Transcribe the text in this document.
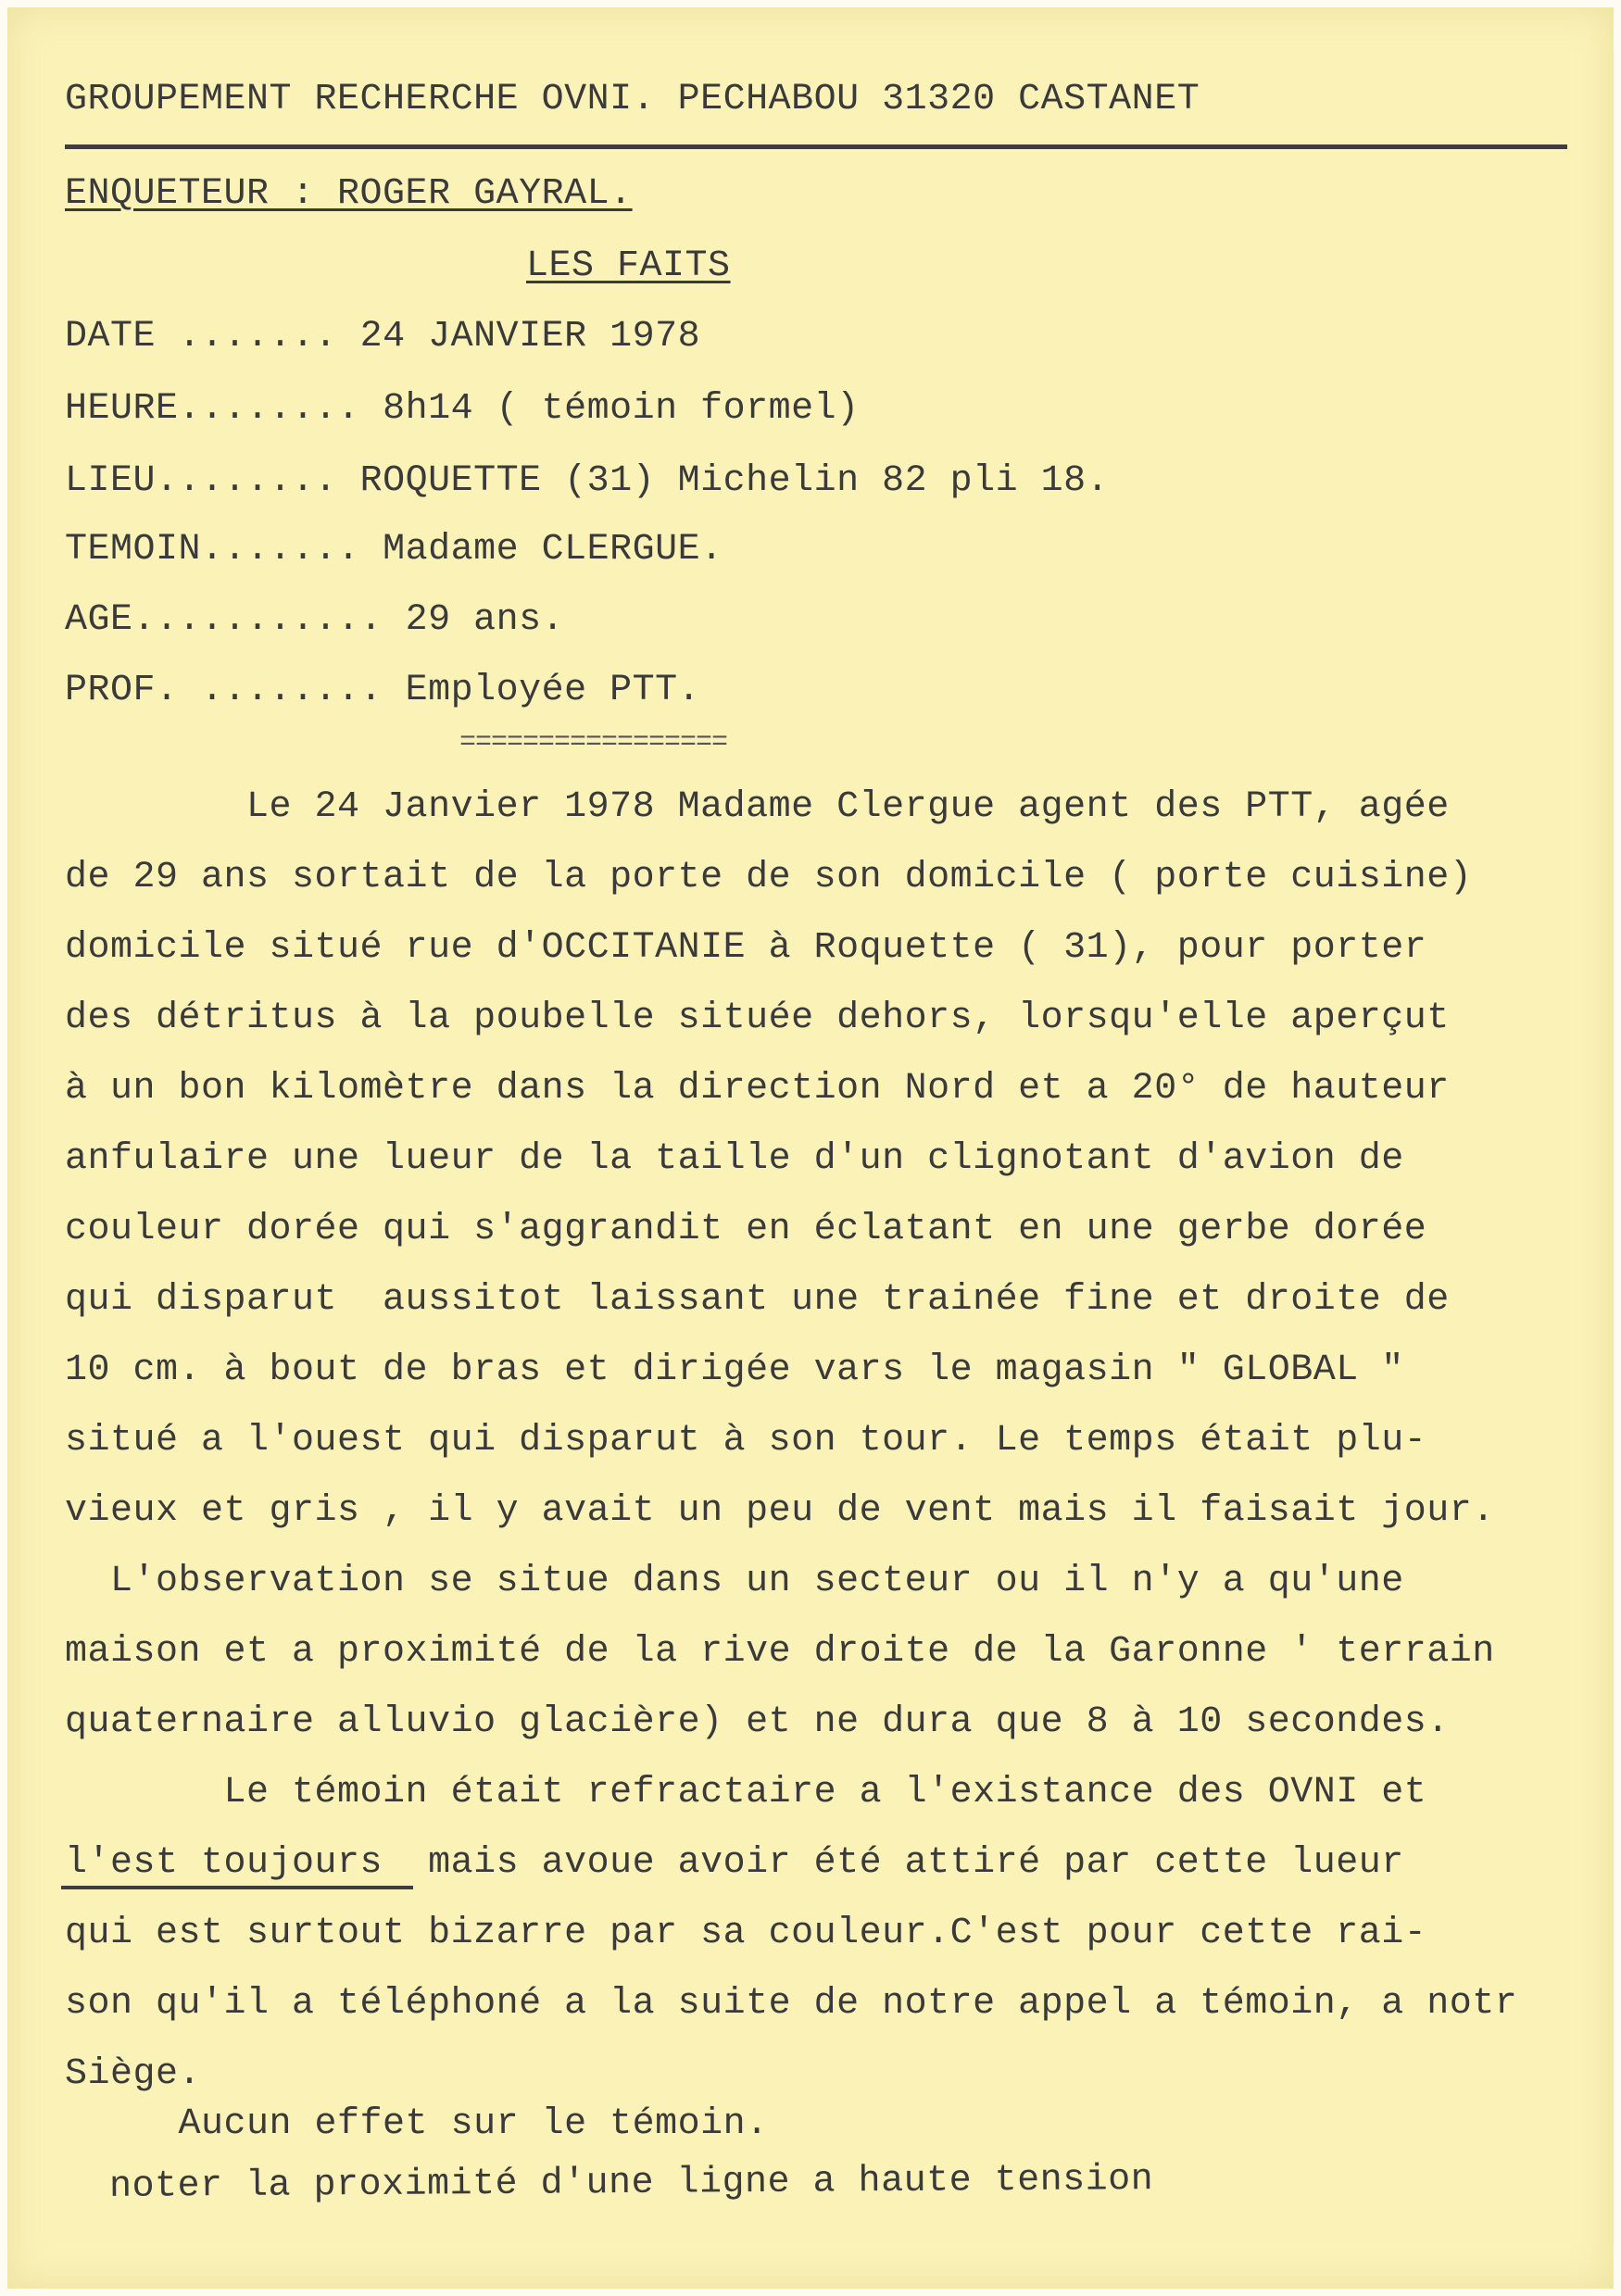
GROUPEMENT RECHERCHE OVNI. PECHABOU 31320 CASTANET
ENQUETEUR : ROGER GAYRAL.
LES FAITS
DATE ....... 24 JANVIER 1978
HEURE........ 8h14 ( témoin formel)
LIEU........ ROQUETTE (31) Michelin 82 pli 18.
TEMOIN....... Madame CLERGUE.
AGE........... 29 ans.
PROF. ........ Employée PTT.
=================
Le 24 Janvier 1978 Madame Clergue agent des PTT, agée
de 29 ans sortait de la porte de son domicile ( porte cuisine)
domicile situé rue d'OCCITANIE à Roquette ( 31), pour porter
des détritus à la poubelle située dehors, lorsqu'elle aperçut
à un bon kilomètre dans la direction Nord et a 20° de hauteur
anfulaire une lueur de la taille d'un clignotant d'avion de
couleur dorée qui s'aggrandit en éclatant en une gerbe dorée
qui disparut  aussitot laissant une trainée fine et droite de
10 cm. à bout de bras et dirigée vars le magasin " GLOBAL "
situé a l'ouest qui disparut à son tour. Le temps était plu-
vieux et gris , il y avait un peu de vent mais il faisait jour.
L'observation se situe dans un secteur ou il n'y a qu'une
maison et a proximité de la rive droite de la Garonne ' terrain
quaternaire alluvio glacière) et ne dura que 8 à 10 secondes.
Le témoin était refractaire a l'existance des OVNI et
l'est toujours  mais avoue avoir été attiré par cette lueur
qui est surtout bizarre par sa couleur.C'est pour cette rai-
son qu'il a téléphoné a la suite de notre appel a témoin, a notr
Siège.
Aucun effet sur le témoin.
noter la proximité d'une ligne a haute tension
